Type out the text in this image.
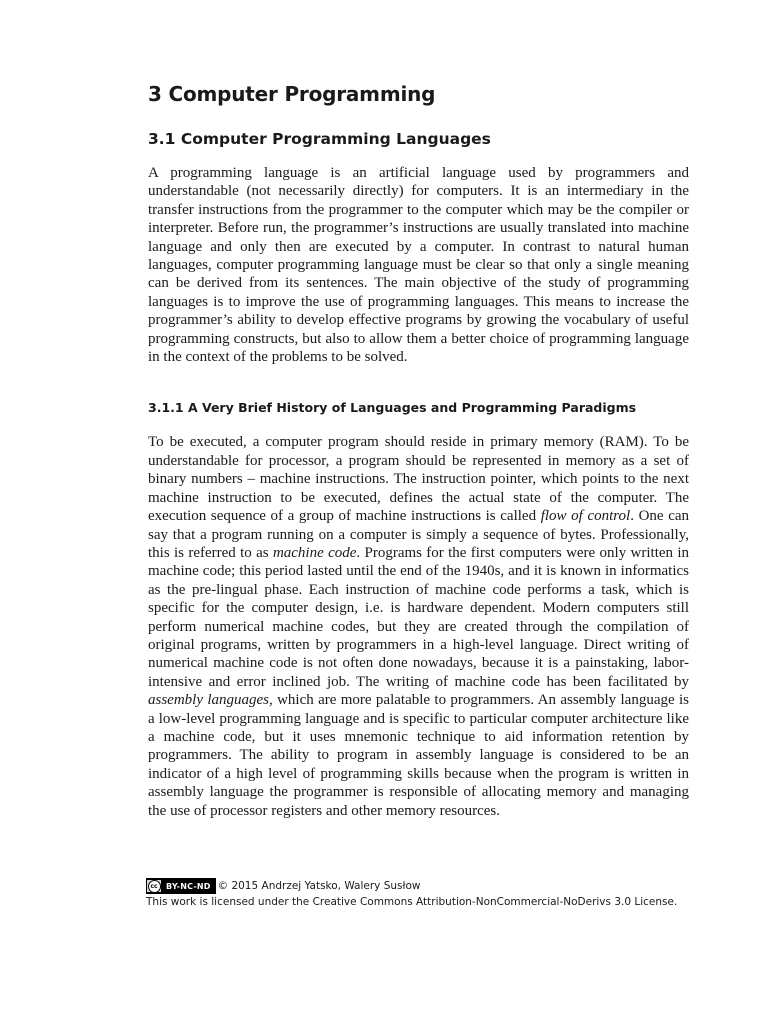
3 Computer Programming
3.1 Computer Programming Languages

A programming language is an artificial language used by programmers and understandable (not necessarily directly) for computers. It is an intermediary in the transfer instructions from the programmer to the computer which may be the compiler or interpreter. Before run, the programmer’s instructions are usually translated into machine language and only then are executed by a computer. In contrast to natural human languages, computer programming language must be clear so that only a single meaning can be derived from its sentences. The main objective of the study of programming languages is to improve the use of programming languages. This means to increase the programmer’s ability to develop effective programs by growing the vocabulary of useful programming constructs, but also to allow them a better choice of programming language in the context of the problems to be solved.

3.1.1 A Very Brief History of Languages and Programming Paradigms

To be executed, a computer program should reside in primary memory (RAM). To be understandable for processor, a program should be represented in memory as a set of binary numbers – machine instructions. The instruction pointer, which points to the next machine instruction to be executed, defines the actual state of the computer. The execution sequence of a group of machine instructions is called flow of control. One can say that a program running on a computer is simply a sequence of bytes. Professionally, this is referred to as machine code. Programs for the first computers were only written in machine code; this period lasted until the end of the 1940s, and it is known in informatics as the pre-lingual phase. Each instruction of machine code performs a task, which is specific for the computer design, i.e. is hardware dependent. Modern computers still perform numerical machine codes, but they are created through the compilation of original programs, written by programmers in a high-level language. Direct writing of numerical machine code is not often done nowadays, because it is a painstaking, labor-intensive and error inclined job. The writing of machine code has been facilitated by assembly languages, which are more palatable to programmers. An assembly language is a low-level programming language and is specific to particular computer architecture like a machine code, but it uses mnemonic technique to aid information retention by programmers. The ability to program in assembly language is considered to be an indicator of a high level of programming skills because when the program is written in assembly language the programmer is responsible of allocating memory and managing the use of processor registers and other memory resources.

cc	BY-NC-ND © 2015 Andrzej Yatsko, Walery Susłow
This work is licensed under the Creative Commons Attribution-NonCommercial-NoDerivs 3.0 License.
